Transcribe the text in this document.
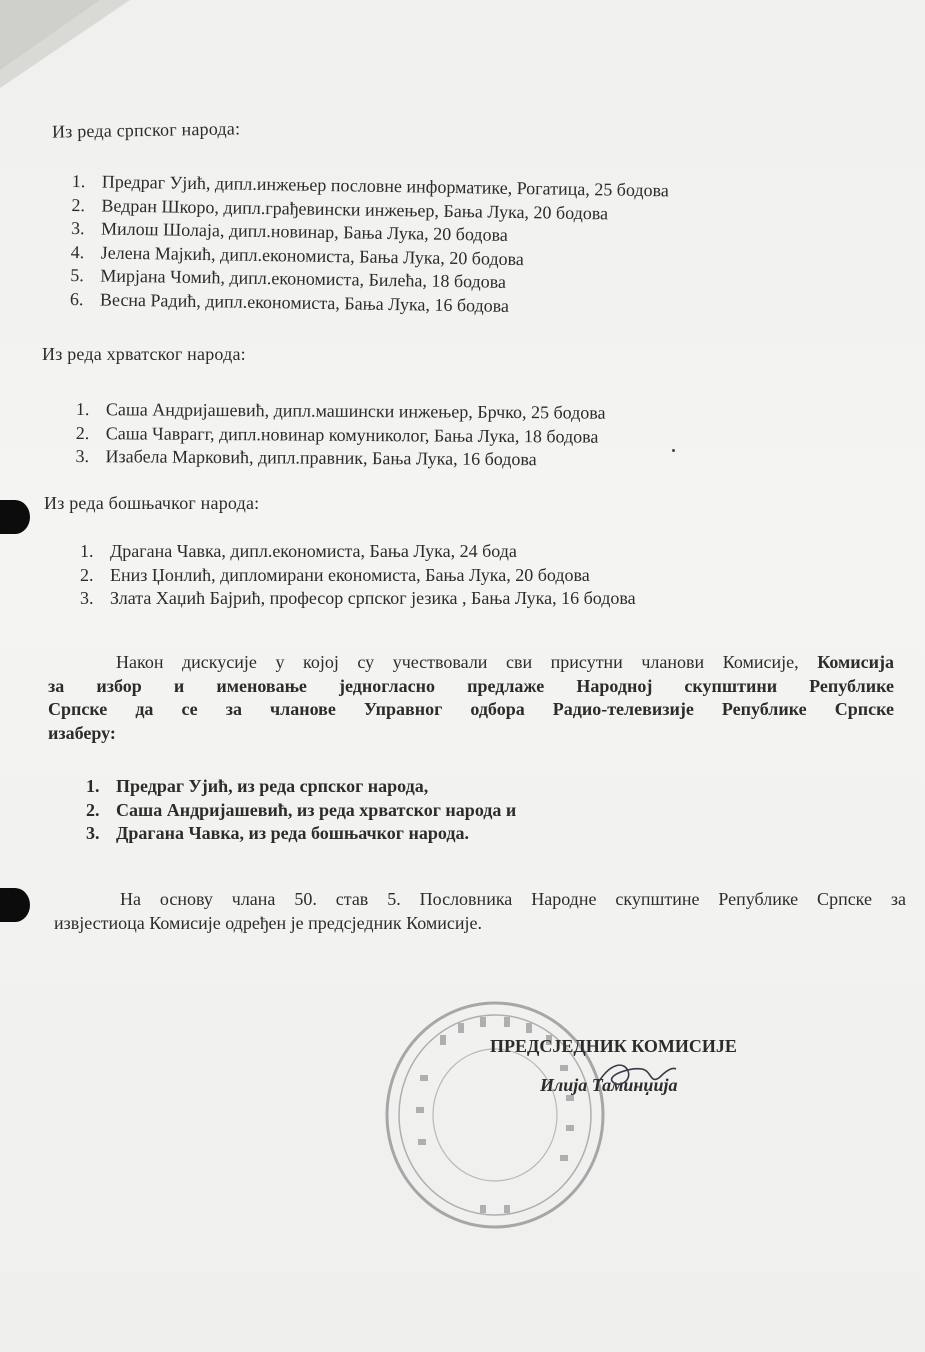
Из реда српског народа:
1. Предраг Ујић, дипл.инжењер пословне информатике, Рогатица, 25 бодова
2. Ведран Шкоро, дипл.грађевински инжењер, Бања Лука, 20 бодова
3. Милош Шолаја, дипл.новинар, Бања Лука, 20 бодова
4. Јелена Мајкић, дипл.економиста, Бања Лука, 20 бодова
5. Мирјана Чомић, дипл.економиста, Билећа, 18 бодова
6. Весна Радић, дипл.економиста, Бања Лука, 16 бодова
Из реда хрватског народа:
1. Саша Андријашевић, дипл.машински инжењер, Брчко, 25 бодова
2. Саша Чаврагг, дипл.новинар комуниколог, Бања Лука, 18 бодова
3. Изабела Марковић, дипл.правник, Бања Лука, 16 бодова
Из реда бошњачког народа:
1. Драгана Чавка, дипл.економиста, Бања Лука, 24 бода
2. Ениз Џонлић, дипломирани економиста, Бања Лука, 20 бодова
3. Злата Хаџић Бајрић, професор српског језика , Бања Лука, 16 бодова
Након дискусије у којој су учествовали сви присутни чланови Комисије, Комисија
за избор и именовање једногласно предлаже Народној скупштини Републике
Српске да се за чланове Управног одбора Радио-телевизије Републике Српске
изаберу:
1. Предраг Ујић, из реда српског народа,
2. Саша Андријашевић, из реда хрватског народа и
3. Драгана Чавка, из реда бошњачког народа.
На основу члана 50. став 5. Пословника Народне скупштине Републике Српске за
извјестиоца Комисије одређен је предсједник Комисије.
ПРЕДСЈЕДНИК КОМИСИЈЕ
Илија Таминџија
